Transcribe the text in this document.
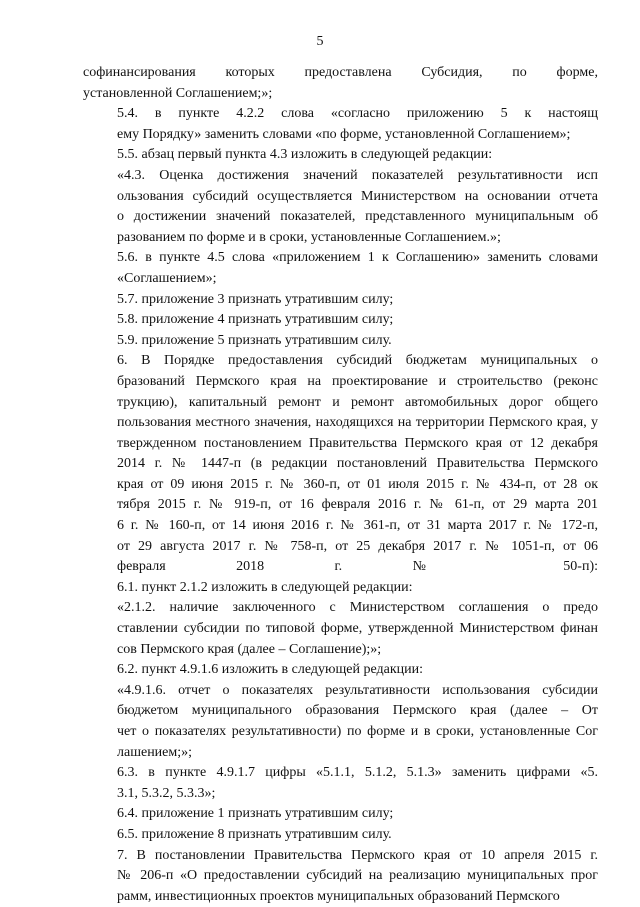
5

софинансирования которых предоставлена Субсидия, по форме,
установленной Соглашением;»;

5.4. в пункте 4.2.2 слова «согласно приложению 5 к настоящ
ему Порядку» заменить словами «по форме, установленной Соглашением»;

5.5. абзац первый пункта 4.3 изложить в следующей редакции:

«4.3. Оценка достижения значений показателей результативности исп
ользования субсидий осуществляется Министерством на основании отчета
о достижении значений показателей, представленного муниципальным об
разованием по форме и в сроки, установленные Соглашением.»;

5.6. в пункте 4.5 слова «приложением 1 к Соглашению» заменить словами
«Соглашением»;

5.7. приложение 3 признать утратившим силу;

5.8. приложение 4 признать утратившим силу;

5.9. приложение 5 признать утратившим силу.

6. В Порядке предоставления субсидий бюджетам муниципальных о
бразований Пермского края на проектирование и строительство (реконс
трукцию), капитальный ремонт и ремонт автомобильных дорог общего
пользования местного значения, находящихся на территории Пермского края, у
твержденном постановлением Правительства Пермского края от 12 декабря
2014 г. № 1447-п (в редакции постановлений Правительства Пермского
края от 09 июня 2015 г. № 360-п, от 01 июля 2015 г. № 434-п, от 28 ок
тября 2015 г. № 919-п, от 16 февраля 2016 г. № 61-п, от 29 марта 201
6 г. № 160-п, от 14 июня 2016 г. № 361-п, от 31 марта 2017 г. № 172-п,
от 29 августа 2017 г. № 758-п, от 25 декабря 2017 г. № 1051-п, от 06
февраля 2018 г. № 50-п):

6.1. пункт 2.1.2 изложить в следующей редакции:

«2.1.2. наличие заключенного с Министерством соглашения о предо
ставлении субсидии по типовой форме, утвержденной Министерством финан
сов Пермского края (далее – Соглашение);»;

6.2. пункт 4.9.1.6 изложить в следующей редакции:

«4.9.1.6. отчет о показателях результативности использования субсидии
бюджетом муниципального образования Пермского края (далее – От
чет о показателях результативности) по форме и в сроки, установленные Сог
лашением;»;

6.3. в пункте 4.9.1.7 цифры «5.1.1, 5.1.2, 5.1.3» заменить цифрами «5.
3.1, 5.3.2, 5.3.3»;

6.4. приложение 1 признать утратившим силу;

6.5. приложение 8 признать утратившим силу.

7. В постановлении Правительства Пермского края от 10 апреля 2015 г.
№ 206-п «О предоставлении субсидий на реализацию муниципальных прог
рамм, инвестиционных проектов муниципальных образований Пермского
